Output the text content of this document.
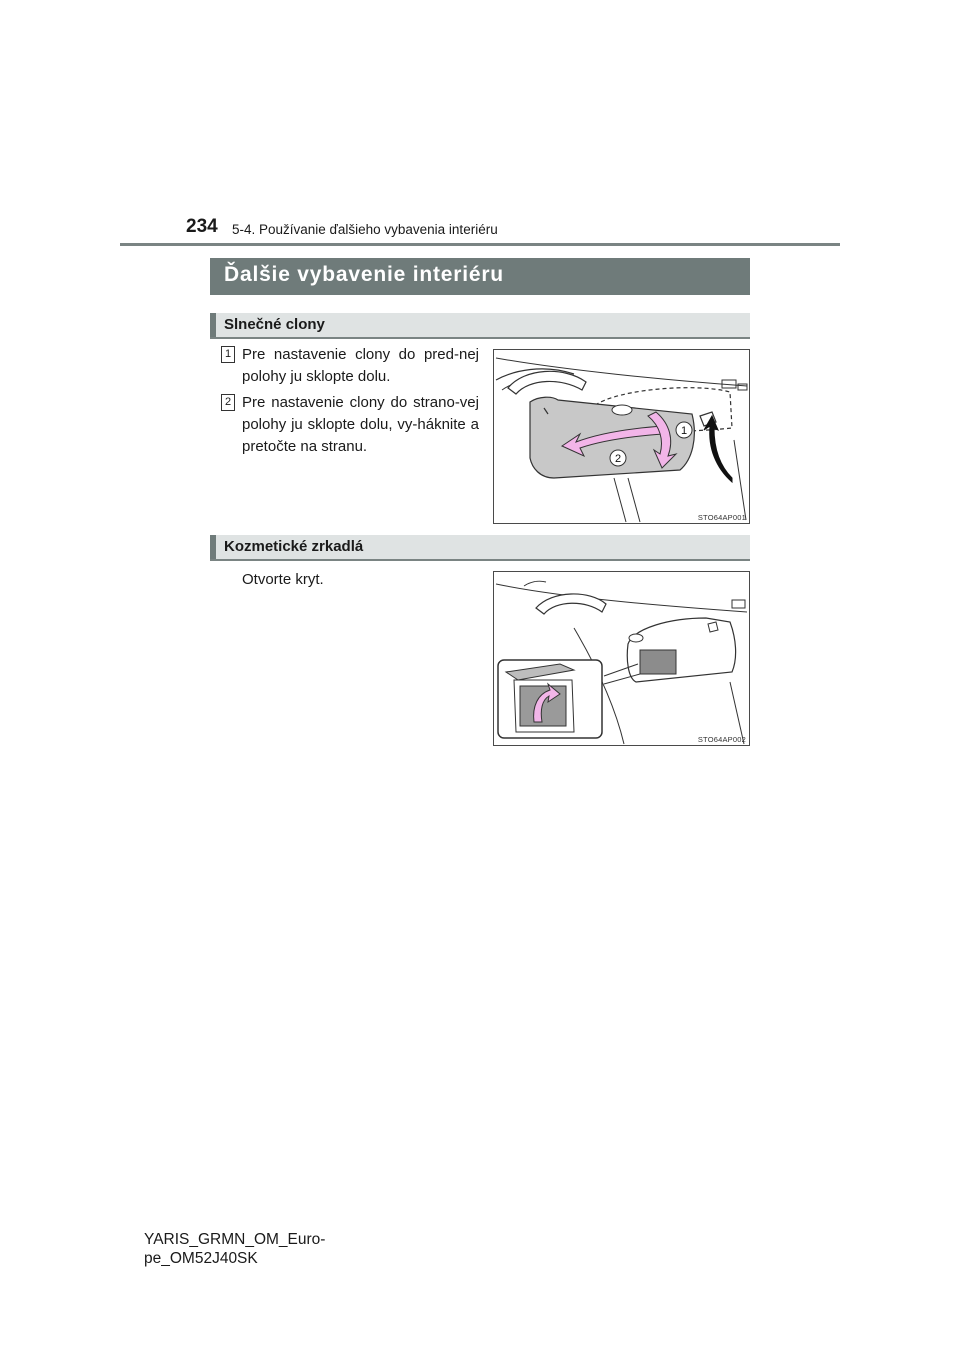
234 5-4. Používanie ďalšieho vybavenia interiéru
Ďalšie vybavenie interiéru
Slnečné clony
1 Pre nastavenie clony do pred-nej polohy ju sklopte dolu.
2 Pre nastavenie clony do strano-vej polohy ju sklopte dolu, vy-háknite a pretočte na stranu.
1
2
STO64AP001
Kozmetické zrkadlá
Otvorte kryt.
STO64AP002
YARIS_GRMN_OM_Euro-
pe_OM52J40SK
